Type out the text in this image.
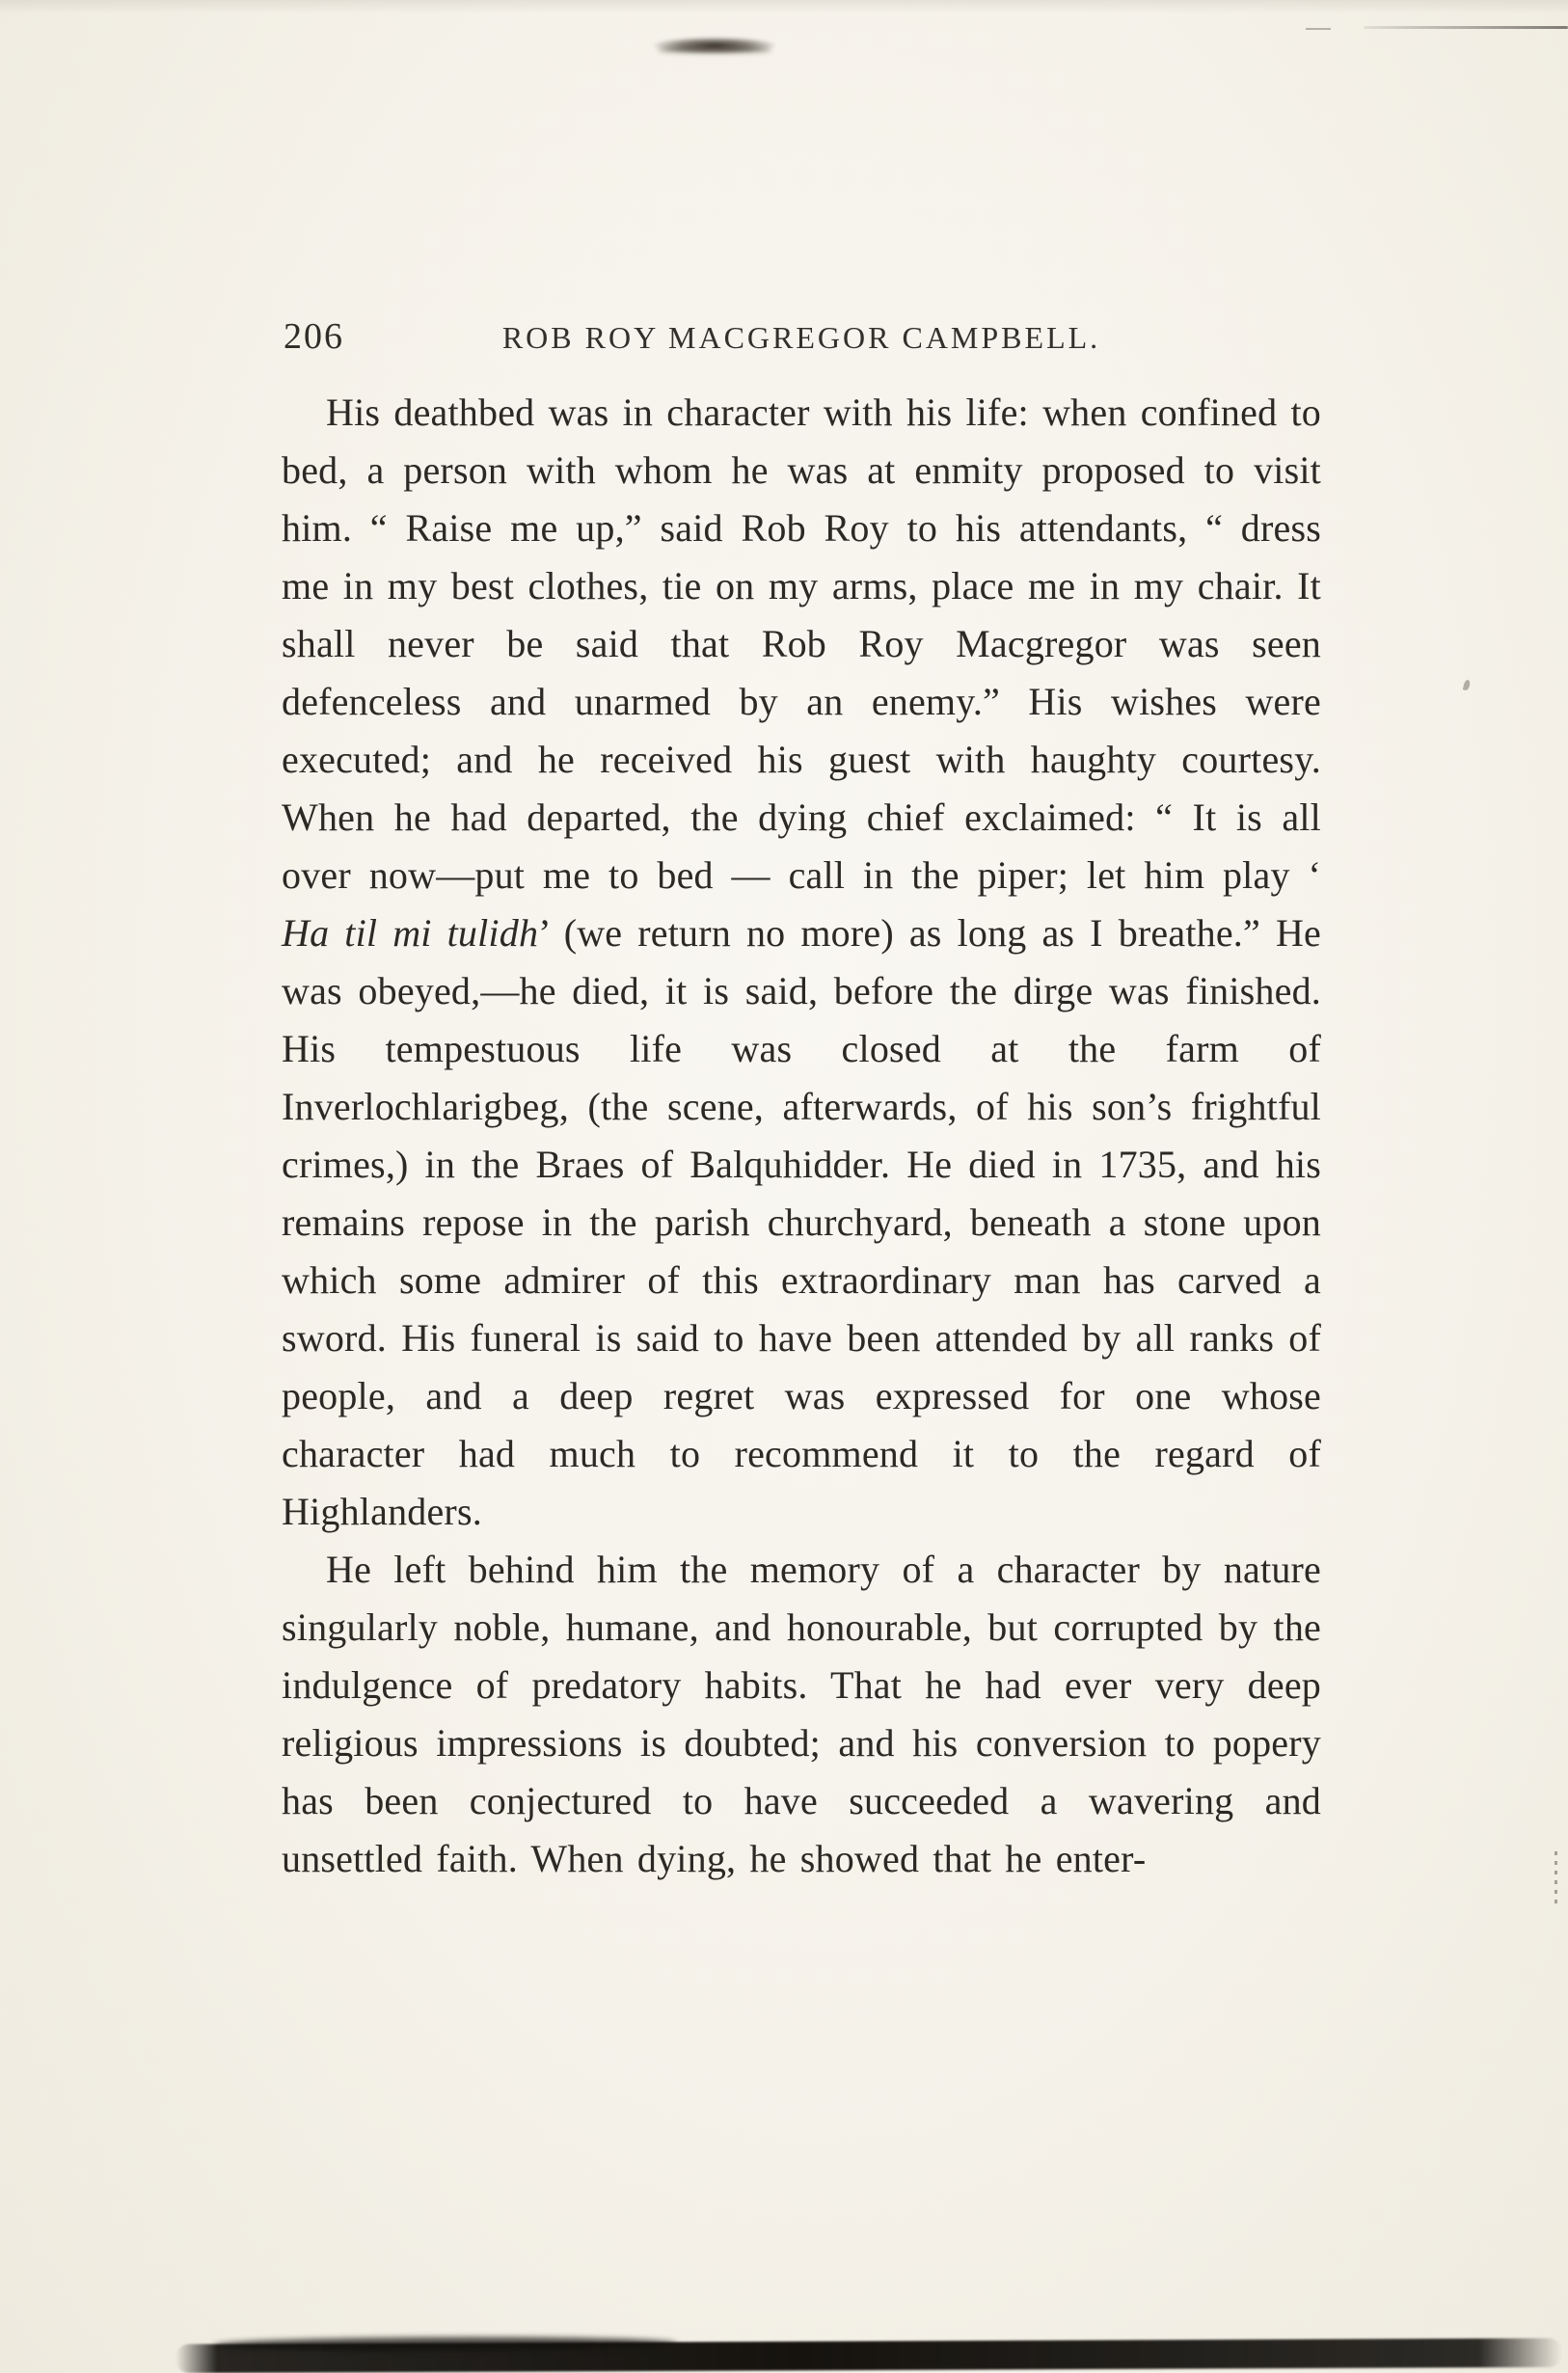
206	ROB ROY MACGREGOR CAMPBELL.

His deathbed was in character with his life: when confined to bed, a person with whom he was at enmity proposed to visit him. “ Raise me up,” said Rob Roy to his attendants, “ dress me in my best clothes, tie on my arms, place me in my chair. It shall never be said that Rob Roy Macgregor was seen defenceless and unarmed by an enemy.” His wishes were executed; and he received his guest with haughty courtesy. When he had departed, the dying chief exclaimed: “ It is all over now—put me to bed — call in the piper; let him play ‘ Ha til mi tulidh’ (we return no more) as long as I breathe.” He was obeyed,—he died, it is said, before the dirge was finished. His tempestuous life was closed at the farm of Inverlochlarigbeg, (the scene, afterwards, of his son’s frightful crimes,) in the Braes of Balquhidder. He died in 1735, and his remains repose in the parish churchyard, beneath a stone upon which some admirer of this extraordinary man has carved a sword. His funeral is said to have been attended by all ranks of people, and a deep regret was expressed for one whose character had much to recommend it to the regard of Highlanders.

He left behind him the memory of a character by nature singularly noble, humane, and honourable, but corrupted by the indulgence of predatory habits. That he had ever very deep religious impressions is doubted; and his conversion to popery has been conjectured to have succeeded a wavering and unsettled faith. When dying, he showed that he enter-
